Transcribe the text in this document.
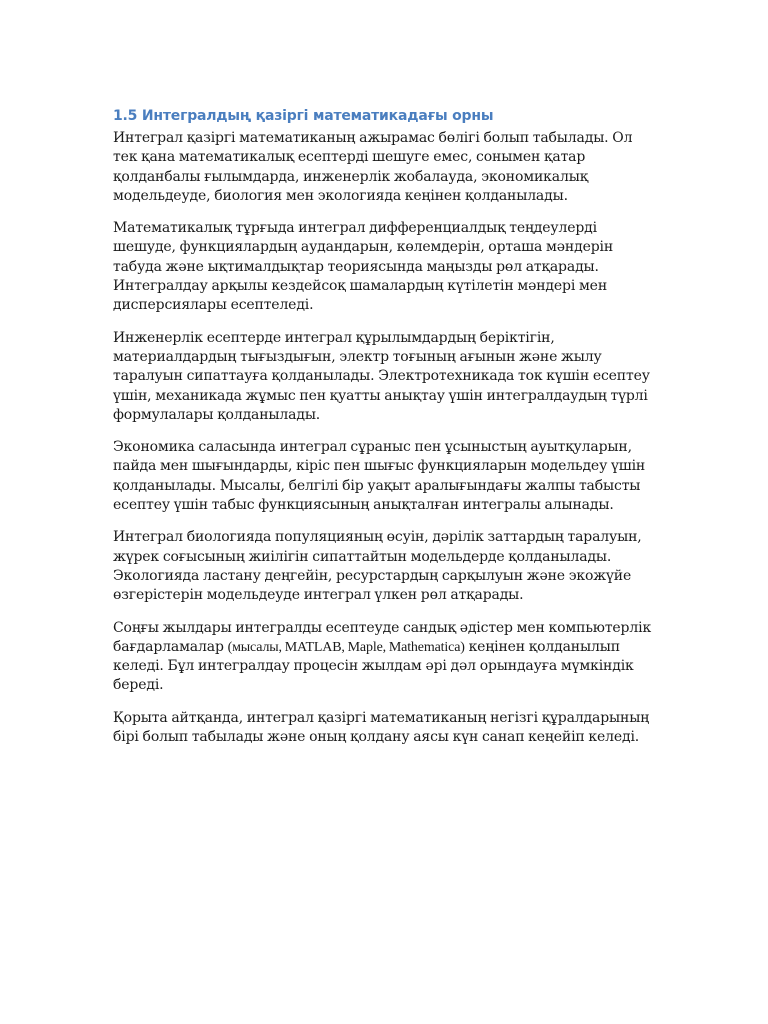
1.5 Интегралдың қазіргі математикадағы орны

Интеграл қазіргі математиканың ажырамас бөлігі болып табылады. Ол тек қана математикалық есептерді шешуге емес, сонымен қатар қолданбалы ғылымдарда, инженерлік жобалауда, экономикалық модельдеуде, биология мен экологияда кеңінен қолданылады.

Математикалық тұрғыда интеграл дифференциалдық теңдеулерді шешуде, функциялардың аудандарын, көлемдерін, орташа мәндерін табуда және ықтималдықтар теориясында маңызды рөл атқарады. Интегралдау арқылы кездейсоқ шамалардың күтілетін мәндері мен дисперсиялары есептеледі.

Инженерлік есептерде интеграл құрылымдардың беріктігін, материалдардың тығыздығын, электр тоғының ағынын және жылу таралуын сипаттауға қолданылады. Электротехникада ток күшін есептеу үшін, механикада жұмыс пен қуатты анықтау үшін интегралдаудың түрлі формулалары қолданылады.

Экономика саласында интеграл сұраныс пен ұсыныстың ауытқуларын, пайда мен шығындарды, кіріс пен шығыс функцияларын модельдеу үшін қолданылады. Мысалы, белгілі бір уақыт аралығындағы жалпы табысты есептеу үшін табыс функциясының анықталған интегралы алынады.

Интеграл биологияда популяцияның өсуін, дәрілік заттардың таралуын, жүрек соғысының жиілігін сипаттайтын модельдерде қолданылады. Экологияда ластану деңгейін, ресурстардың сарқылуын және экожүйе өзгерістерін модельдеуде интеграл үлкен рөл атқарады.

Соңғы жылдары интегралды есептеуде сандық әдістер мен компьютерлік бағдарламалар (мысалы, MATLAB, Maple, Mathematica) кеңінен қолданылып келеді. Бұл интегралдау процесін жылдам әрі дәл орындауға мүмкіндік береді.

Қорыта айтқанда, интеграл қазіргі математиканың негізгі құралдарының бірі болып табылады және оның қолдану аясы күн санап кеңейіп келеді.
